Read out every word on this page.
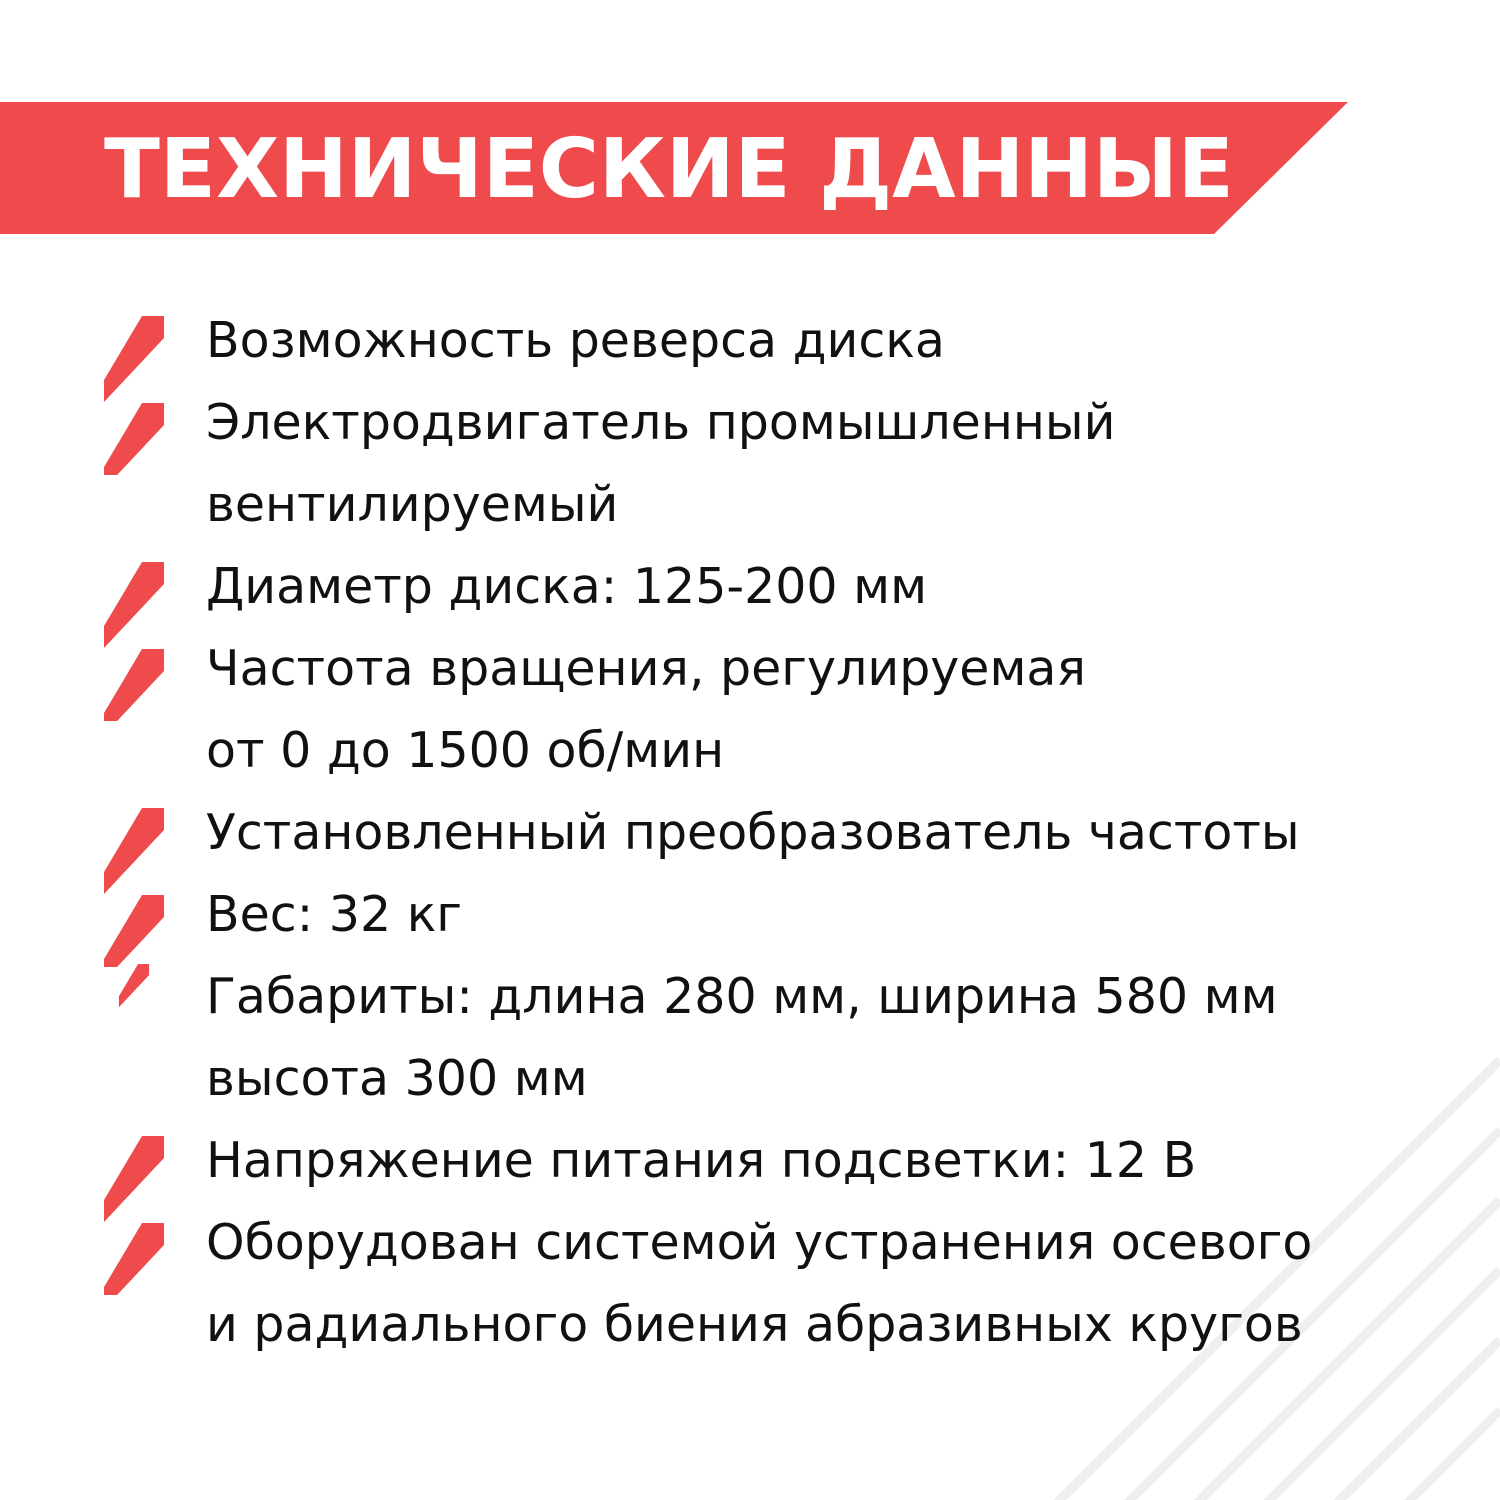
ТЕХНИЧЕСКИЕ ДАННЫЕ

Возможность реверса диска

Электродвигатель промышленный
вентилируемый

Диаметр диска: 125-200 мм

Частота вращения, регулируемая
от 0 до 1500 об/мин

Установленный преобразователь частоты

Вес: 32 кг

Габариты: длина 280 мм, ширина 580 мм
высота 300 мм

Напряжение питания подсветки: 12 В

Оборудован системой устранения осевого
и радиального биения абразивных кругов
